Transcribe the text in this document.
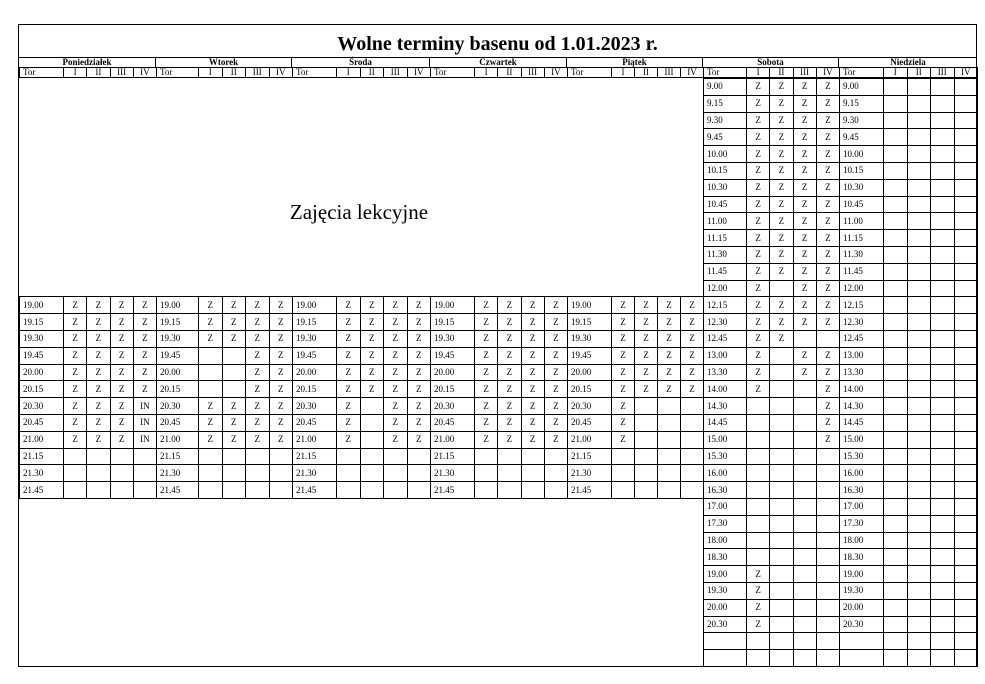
Wolne terminy basenu od 1.01.2023 r.
Zajęcia lekcyjne
Poniedziałek
Tor	I	II	III	IV
19.00	Z	Z	Z	Z
19.15	Z	Z	Z	Z
19.30	Z	Z	Z	Z
19.45	Z	Z	Z	Z
20.00	Z	Z	Z	Z
20.15	Z	Z	Z	Z
20.30	Z	Z	Z	IN
20.45	Z	Z	Z	IN
21.00	Z	Z	Z	IN
21.15				
21.30				
21.45				
Wtorek
Tor	I	II	III	IV
19.00	Z	Z	Z	Z
19.15	Z	Z	Z	Z
19.30	Z	Z	Z	Z
19.45			Z	Z
20.00			Z	Z
20.15			Z	Z
20.30	Z	Z	Z	Z
20.45	Z	Z	Z	Z
21.00	Z	Z	Z	Z
21.15				
21.30				
21.45				
Środa
Tor	I	II	III	IV
19.00	Z	Z	Z	Z
19.15	Z	Z	Z	Z
19.30	Z	Z	Z	Z
19.45	Z	Z	Z	Z
20.00	Z	Z	Z	Z
20.15	Z	Z	Z	Z
20.30	Z		Z	Z
20.45	Z		Z	Z
21.00	Z		Z	Z
21.15				
21.30				
21.45				
Czwartek
Tor	I	II	III	IV
19.00	Z	Z	Z	Z
19.15	Z	Z	Z	Z
19.30	Z	Z	Z	Z
19.45	Z	Z	Z	Z
20.00	Z	Z	Z	Z
20.15	Z	Z	Z	Z
20.30	Z	Z	Z	Z
20.45	Z	Z	Z	Z
21.00	Z	Z	Z	Z
21.15				
21.30				
21.45				
Piątek
Tor	I	II	III	IV
19.00	Z	Z	Z	Z
19.15	Z	Z	Z	Z
19.30	Z	Z	Z	Z
19.45	Z	Z	Z	Z
20.00	Z	Z	Z	Z
20.15	Z	Z	Z	Z
20.30	Z			
20.45	Z			
21.00	Z			
21.15				
21.30				
21.45				
Sobota
Tor	I	II	III	IV
9.00	Z	Z	Z	Z
9.15	Z	Z	Z	Z
9.30	Z	Z	Z	Z
9.45	Z	Z	Z	Z
10.00	Z	Z	Z	Z
10.15	Z	Z	Z	Z
10.30	Z	Z	Z	Z
10.45	Z	Z	Z	Z
11.00	Z	Z	Z	Z
11.15	Z	Z	Z	Z
11.30	Z	Z	Z	Z
11.45	Z	Z	Z	Z
12.00	Z		Z	Z
12.15	Z	Z	Z	Z
12.30	Z	Z	Z	Z
12.45	Z	Z		
13.00	Z		Z	Z
13.30	Z		Z	Z
14.00	Z			Z
14.30				Z
14.45				Z
15.00				Z
15.30				
16.00				
16.30				
17.00				
17.30				
18.00				
18.30				
19.00	Z			
19.30	Z			
20.00	Z			
20.30	Z			

Niedziela
Tor	I	II	III	IV
9.00				
9.15				
9.30				
9.45				
10.00				
10.15				
10.30				
10.45				
11.00				
11.15				
11.30				
11.45				
12.00				
12.15				
12.30				
12.45				
13.00				
13.30				
14.00				
14.30				
14.45				
15.00				
15.30				
16.00				
16.30				
17.00				
17.30				
18.00				
18.30				
19.00				
19.30				
20.00				
20.30				
